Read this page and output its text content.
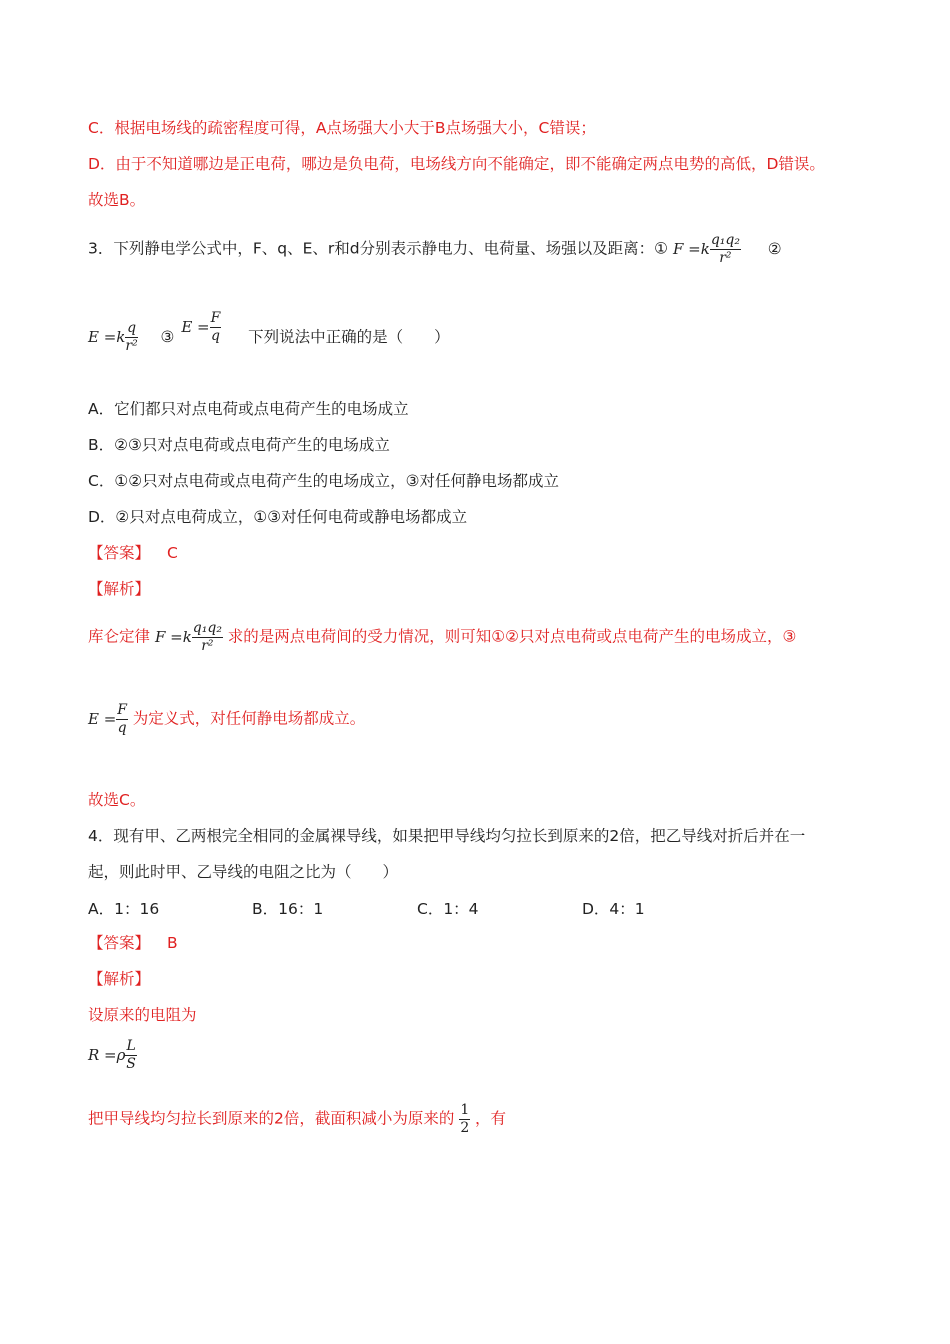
C．根据电场线的疏密程度可得，A点场强大小大于B点场强大小，C错误；
D．由于不知道哪边是正电荷，哪边是负电荷，电场线方向不能确定，即不能确定两点电势的高低，D错误。
故选B。
3．下列静电学公式中，F、q、E、r和d分别表示静电力、电荷量、场强以及距离：① $F =k \frac{\text{q₁q₂}}{\text{r²}}$ ②
$E =k \frac{q}{\text{r²}}$ ③ $E = \frac{F}{q}$ 下列说法中正确的是（　　）
A．它们都只对点电荷或点电荷产生的电场成立
B．②③只对点电荷或点电荷产生的电场成立
C．①②只对点电荷或点电荷产生的电场成立，③对任何静电场都成立
D．②只对点电荷成立，①③对任何电荷或静电场都成立
【答案】 C
【解析】
库仑定律 $F =k \frac{\text{q₁q₂}}{\text{r²}}$ 求的是两点电荷间的受力情况，则可知①②只对点电荷或点电荷产生的电场成立，③
$E = \frac{F}{q}$ 为定义式，对任何静电场都成立。
故选C。
4．现有甲、乙两根完全相同的金属裸导线，如果把甲导线均匀拉长到原来的2倍，把乙导线对折后并在一
起，则此时甲、乙导线的电阻之比为（　　）
A．1：16	B．16：1	C．1：4	D．4：1
【答案】 B
【解析】
设原来的电阻为
$R =\rho \frac{L}{S}$
把甲导线均匀拉长到原来的2倍，截面积减小为原来的 $\frac{1}{2}$ ，有
